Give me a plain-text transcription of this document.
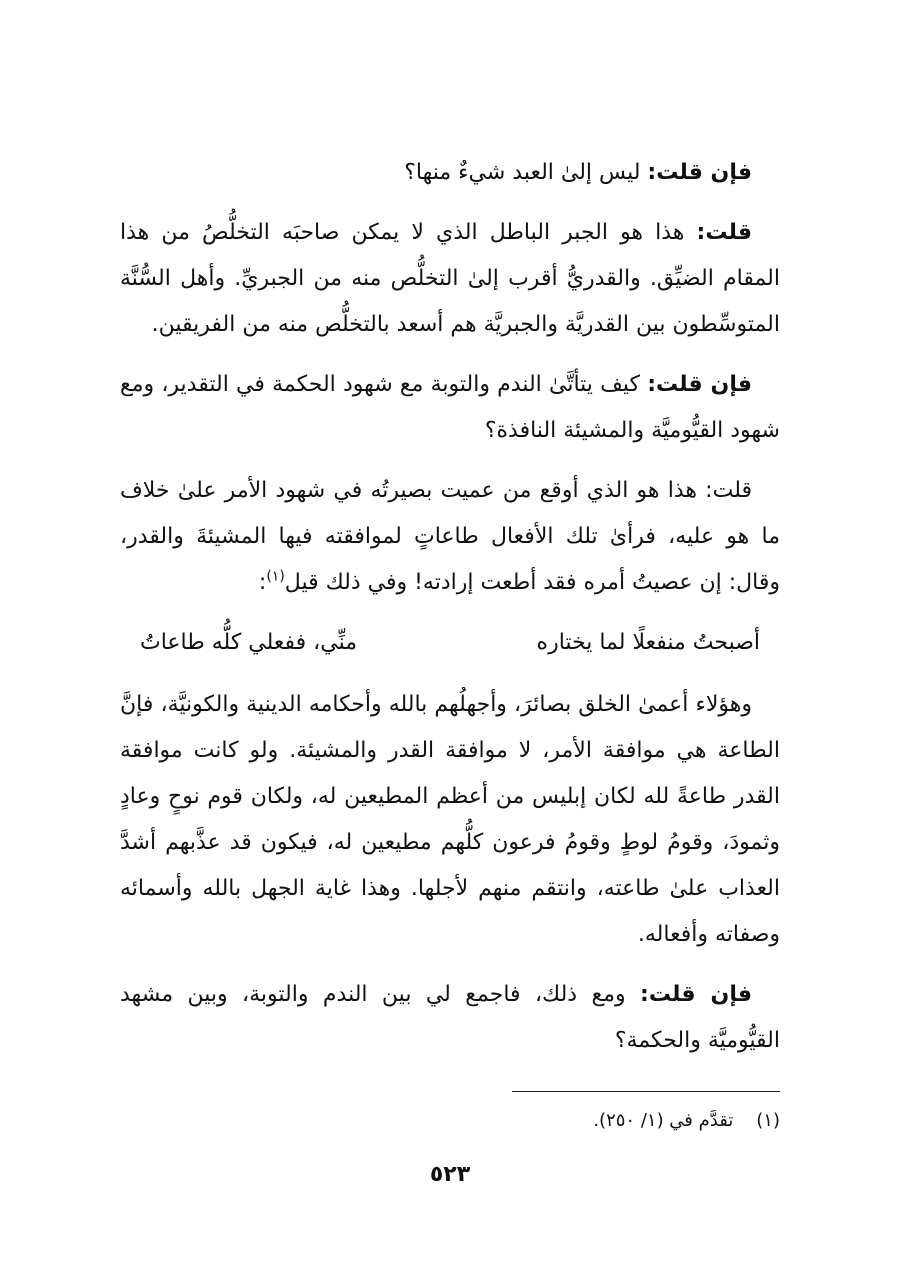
فإن قلت: ليس إلىٰ العبد شيءٌ منها؟

قلت: هذا هو الجبر الباطل الذي لا يمكن صاحبَه التخلُّصُ من هذا المقام الضيِّق. والقدريُّ أقرب إلىٰ التخلُّص منه من الجبريِّ. وأهل السُّنَّة المتوسِّطون بين القدريَّة والجبريَّة هم أسعد بالتخلُّص منه من الفريقين.

فإن قلت: كيف يتأتَّىٰ الندم والتوبة مع شهود الحكمة في التقدير، ومع شهود القيُّوميَّة والمشيئة النافذة؟

قلت: هذا هو الذي أوقع من عميت بصيرتُه في شهود الأمر علىٰ خلاف ما هو عليه، فرأىٰ تلك الأفعال طاعاتٍ لموافقته فيها المشيئةَ والقدر، وقال: إن عصيتُ أمره فقد أطعت إرادته! وفي ذلك قيل$^{(١)}$:

أصبحتُ منفعلًا لما يختاره
منِّي، ففعلي كلُّه طاعاتُ

وهؤلاء أعمىٰ الخلق بصائرَ، وأجهلُهم بالله وأحكامه الدينية والكونيَّة، فإنَّ الطاعة هي موافقة الأمر، لا موافقة القدر والمشيئة. ولو كانت موافقة القدر طاعةً لله لكان إبليس من أعظم المطيعين له، ولكان قوم نوحٍ وعادٍ وثمودَ، وقومُ لوطٍ وقومُ فرعون كلُّهم مطيعين له، فيكون قد عذَّبهم أشدَّ العذاب علىٰ طاعته، وانتقم منهم لأجلها. وهذا غاية الجهل بالله وأسمائه وصفاته وأفعاله.

فإن قلت: ومع ذلك، فاجمع لي بين الندم والتوبة، وبين مشهد القيُّوميَّة والحكمة؟

(١)    تقدَّم في (١/ ٢٥٠).
٥٢٣
